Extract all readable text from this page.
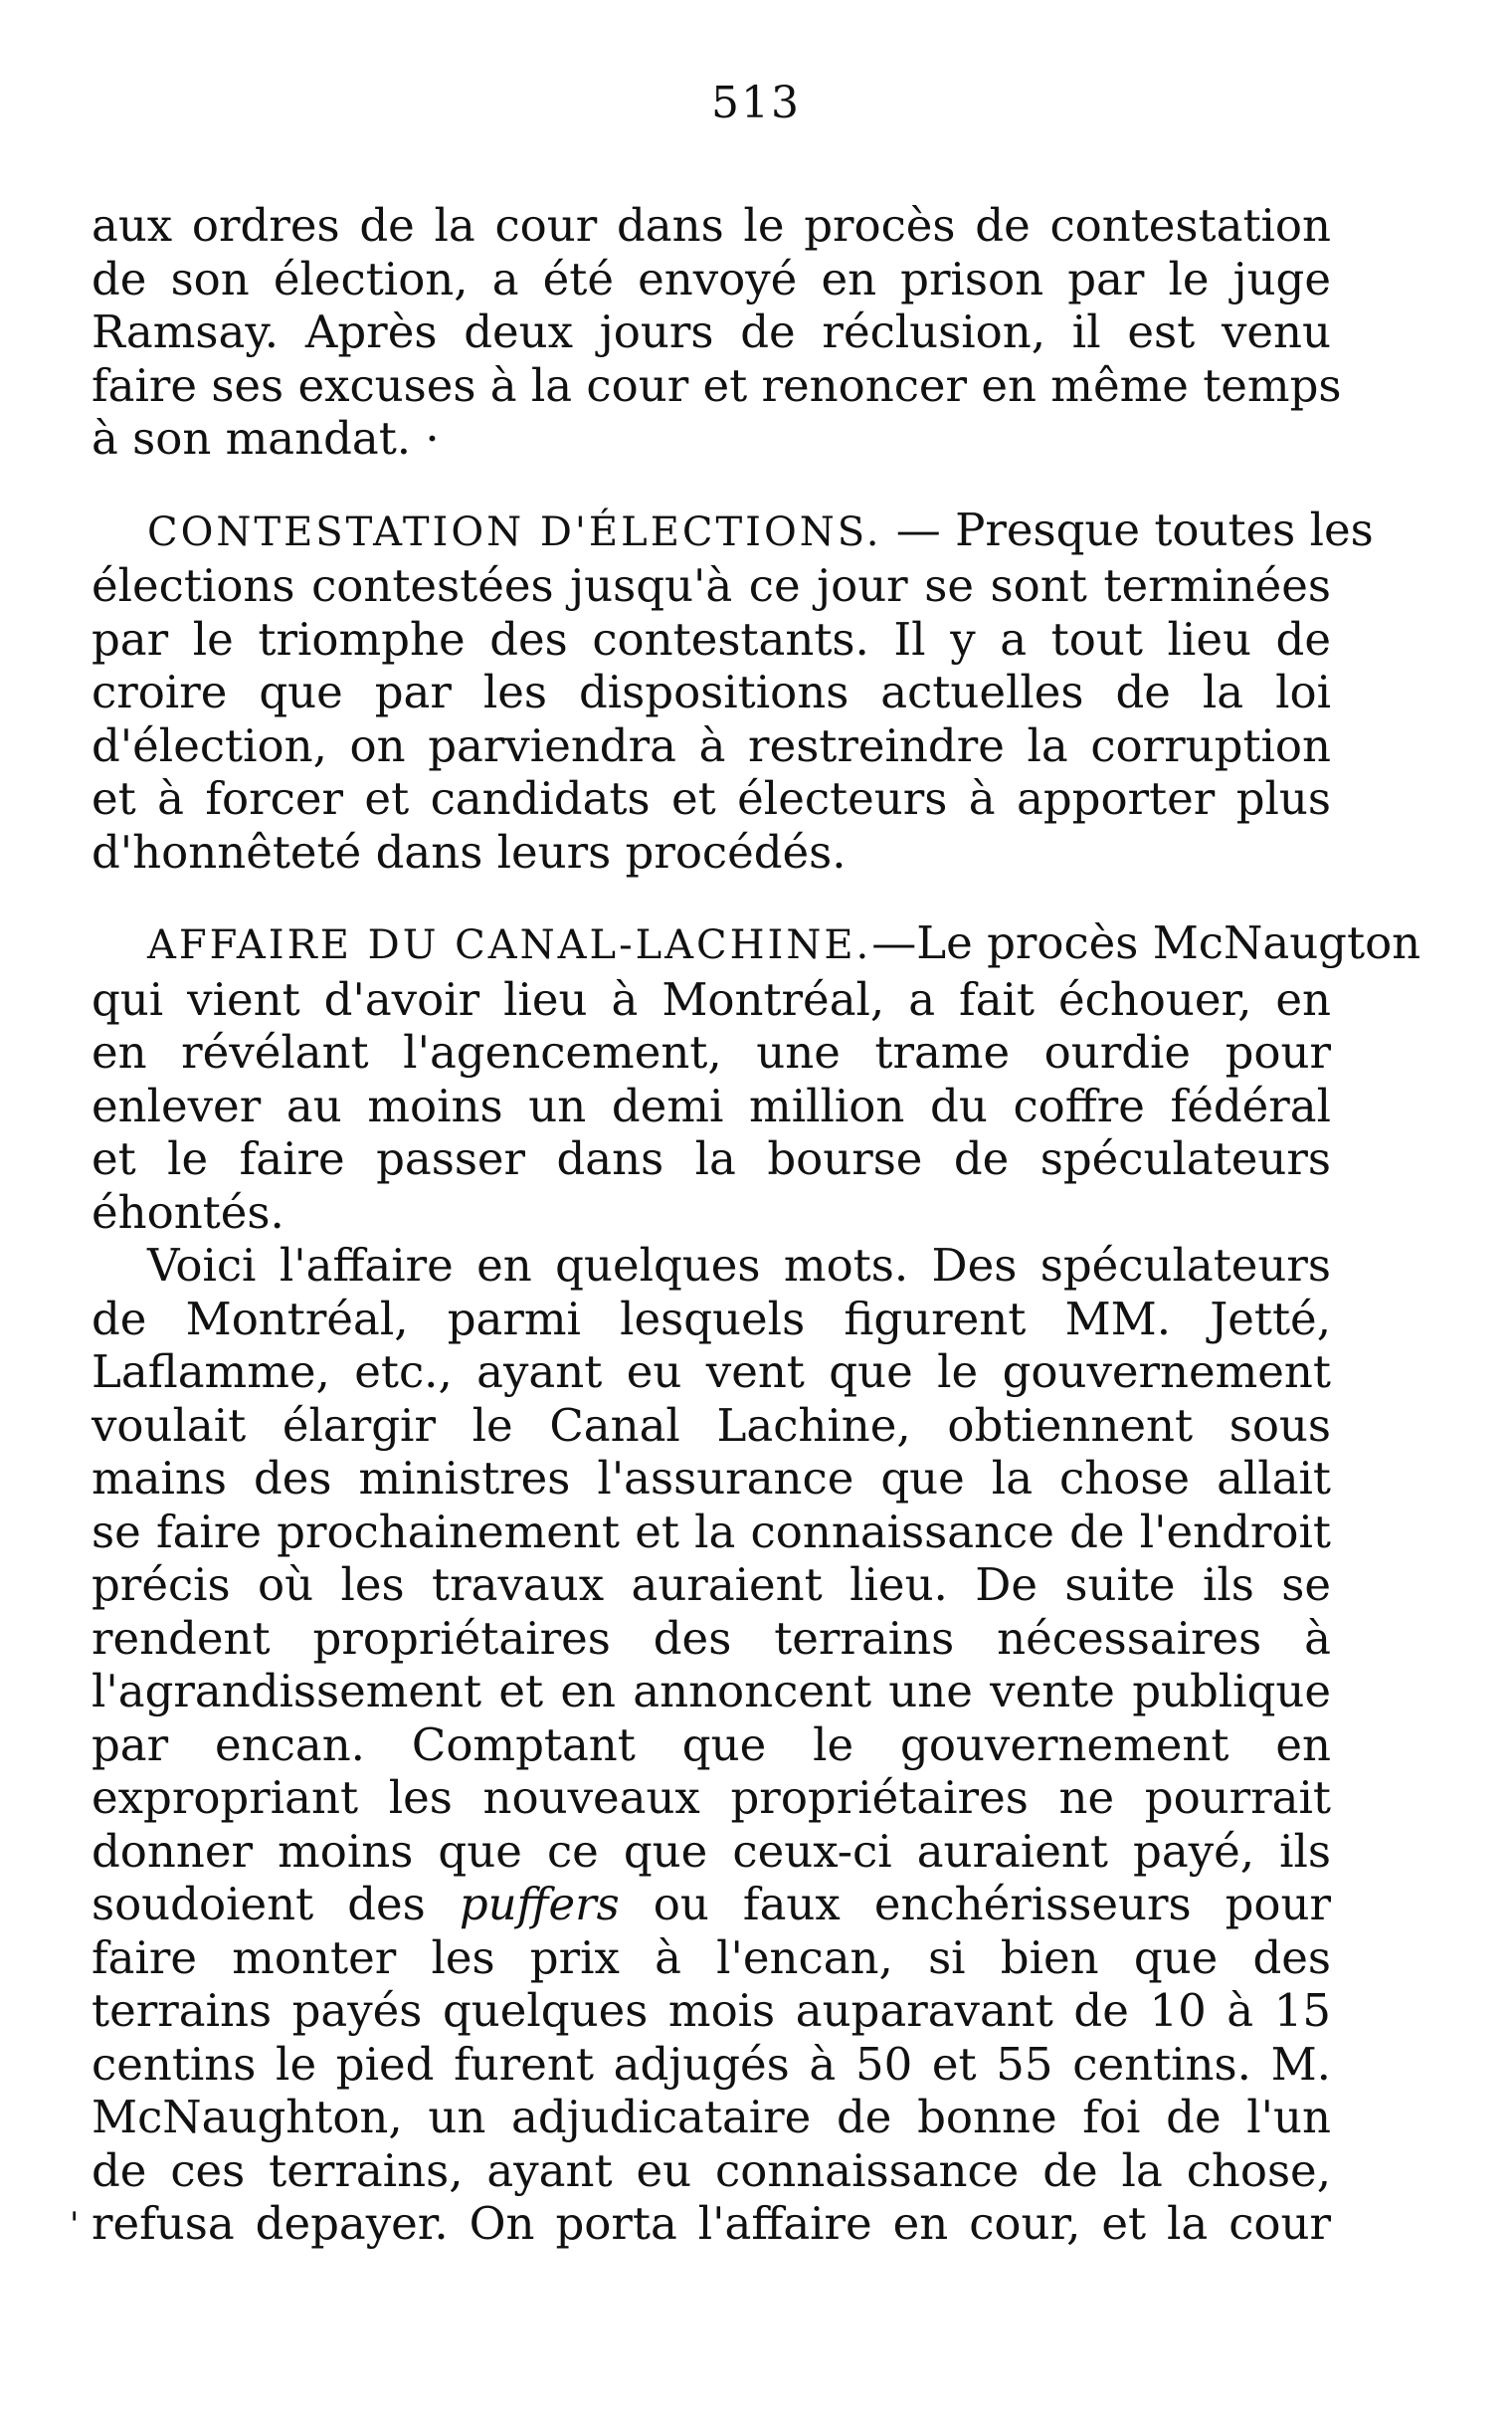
513
aux ordres de la cour dans le procès de contestation
de son élection, a été envoyé en prison par le juge
Ramsay. Après deux jours de réclusion, il est venu
faire ses excuses à la cour et renoncer en même temps
à son mandat. ·
CONTESTATION D'ÉLECTIONS. — Presque toutes les
élections contestées jusqu'à ce jour se sont terminées
par le triomphe des contestants. Il y a tout lieu de
croire que par les dispositions actuelles de la loi
d'élection, on parviendra à restreindre la corruption
et à forcer et candidats et électeurs à apporter plus
d'honnêteté dans leurs procédés.
AFFAIRE DU CANAL-LACHINE.—Le procès McNaugton
qui vient d'avoir lieu à Montréal, a fait échouer, en
en révélant l'agencement, une trame ourdie pour
enlever au moins un demi million du coffre fédéral
et le faire passer dans la bourse de spéculateurs
éhontés.
Voici l'affaire en quelques mots. Des spéculateurs
de Montréal, parmi lesquels figurent MM. Jetté,
Laflamme, etc., ayant eu vent que le gouvernement
voulait élargir le Canal Lachine, obtiennent sous
mains des ministres l'assurance que la chose allait
se faire prochainement et la connaissance de l'endroit
précis où les travaux auraient lieu. De suite ils se
rendent propriétaires des terrains nécessaires à
l'agrandissement et en annoncent une vente publique
par encan. Comptant que le gouvernement en
expropriant les nouveaux propriétaires ne pourrait
donner moins que ce que ceux-ci auraient payé, ils
soudoient des puffers ou faux enchérisseurs pour
faire monter les prix à l'encan, si bien que des
terrains payés quelques mois auparavant de 10 à 15
centins le pied furent adjugés à 50 et 55 centins. M.
McNaughton, un adjudicataire de bonne foi de l'un
de ces terrains, ayant eu connaissance de la chose,
refusa depayer. On porta l'affaire en cour, et la cour
'
